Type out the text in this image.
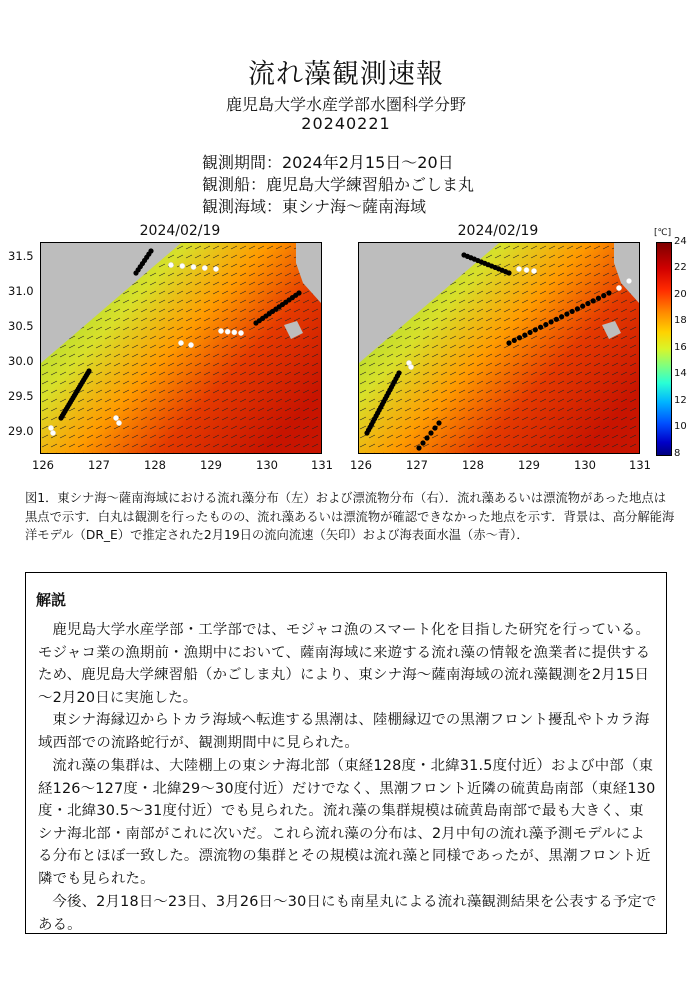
流れ藻観測速報
鹿児島大学水産学部水圏科学分野
20240221
観測期間：2024年2月15日～20日
観測船：鹿児島大学練習船かごしま丸
観測海域：東シナ海～薩南海域
2024/02/19	2024/02/19
126	127	128	129	130	131
31.5
31.0
30.5
30.0
29.5
29.0
126	127	128	129	130	131
[℃]
24
22
20
18
16
14
12
10
8
図1．東シナ海～薩南海域における流れ藻分布（左）および漂流物分布（右）．流れ藻あるいは漂流物があった地点は黒点で示す．白丸は観測を行ったものの、流れ藻あるいは漂流物が確認できなかった地点を示す．背景は、高分解能海洋モデル（DR_E）で推定された2月19日の流向流速（矢印）および海表面水温（赤～青）．
解説
鹿児島大学水産学部・工学部では、モジャコ漁のスマート化を目指した研究を行っている。モジャコ業の漁期前・漁期中において、薩南海域に来遊する流れ藻の情報を漁業者に提供するため、鹿児島大学練習船（かごしま丸）により、東シナ海～薩南海域の流れ藻観測を2月15日～2月20日に実施した。
東シナ海縁辺からトカラ海域へ転進する黒潮は、陸棚縁辺での黒潮フロント擾乱やトカラ海域西部での流路蛇行が、観測期間中に見られた。
流れ藻の集群は、大陸棚上の東シナ海北部（東経128度・北緯31.5度付近）および中部（東経126～127度・北緯29～30度付近）だけでなく、黒潮フロント近隣の硫黄島南部（東経130度・北緯30.5～31度付近）でも見られた。流れ藻の集群規模は硫黄島南部で最も大きく、東シナ海北部・南部がこれに次いだ。これら流れ藻の分布は、2月中旬の流れ藻予測モデルによる分布とほぼ一致した。漂流物の集群とその規模は流れ藻と同様であったが、黒潮フロント近隣でも見られた。
今後、2月18日～23日、3月26日～30日にも南星丸による流れ藻観測結果を公表する予定である。
